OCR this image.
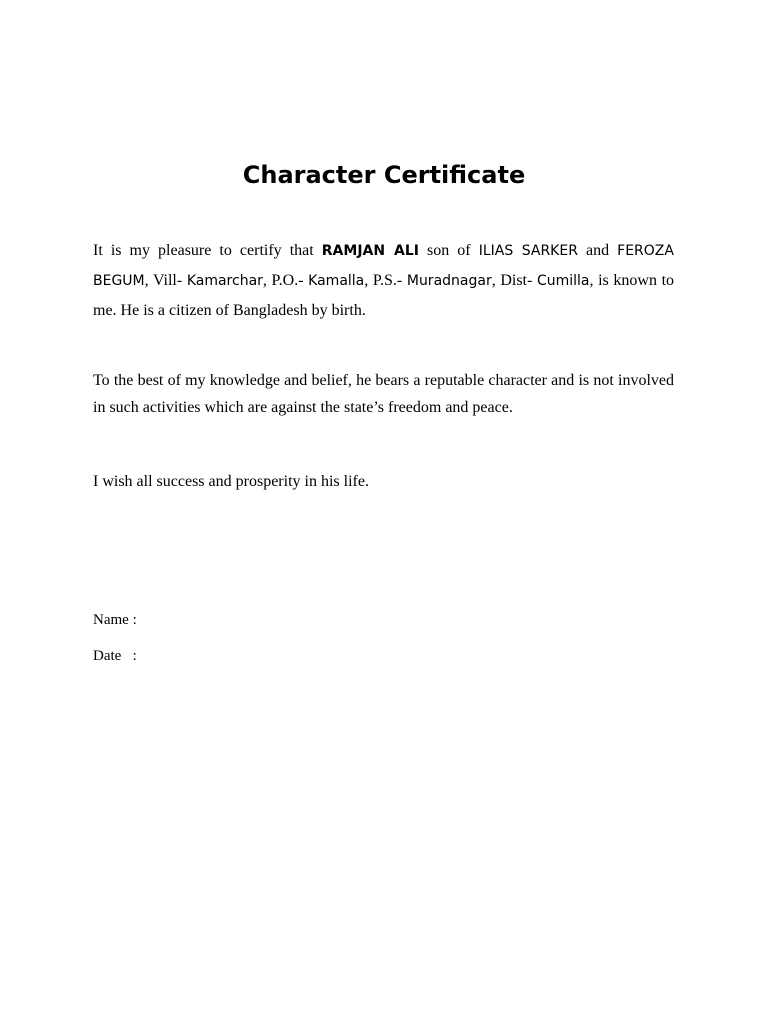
Character Certificate

It is my pleasure to certify that RAMJAN ALI son of ILIAS SARKER and FEROZA BEGUM, Vill- Kamarchar, P.O.- Kamalla, P.S.- Muradnagar, Dist- Cumilla, is known to me. He is a citizen of Bangladesh by birth.

To the best of my knowledge and belief, he bears a reputable character and is not involved in such activities which are against the state’s freedom and peace.

I wish all success and prosperity in his life.

Name :

Date   :
